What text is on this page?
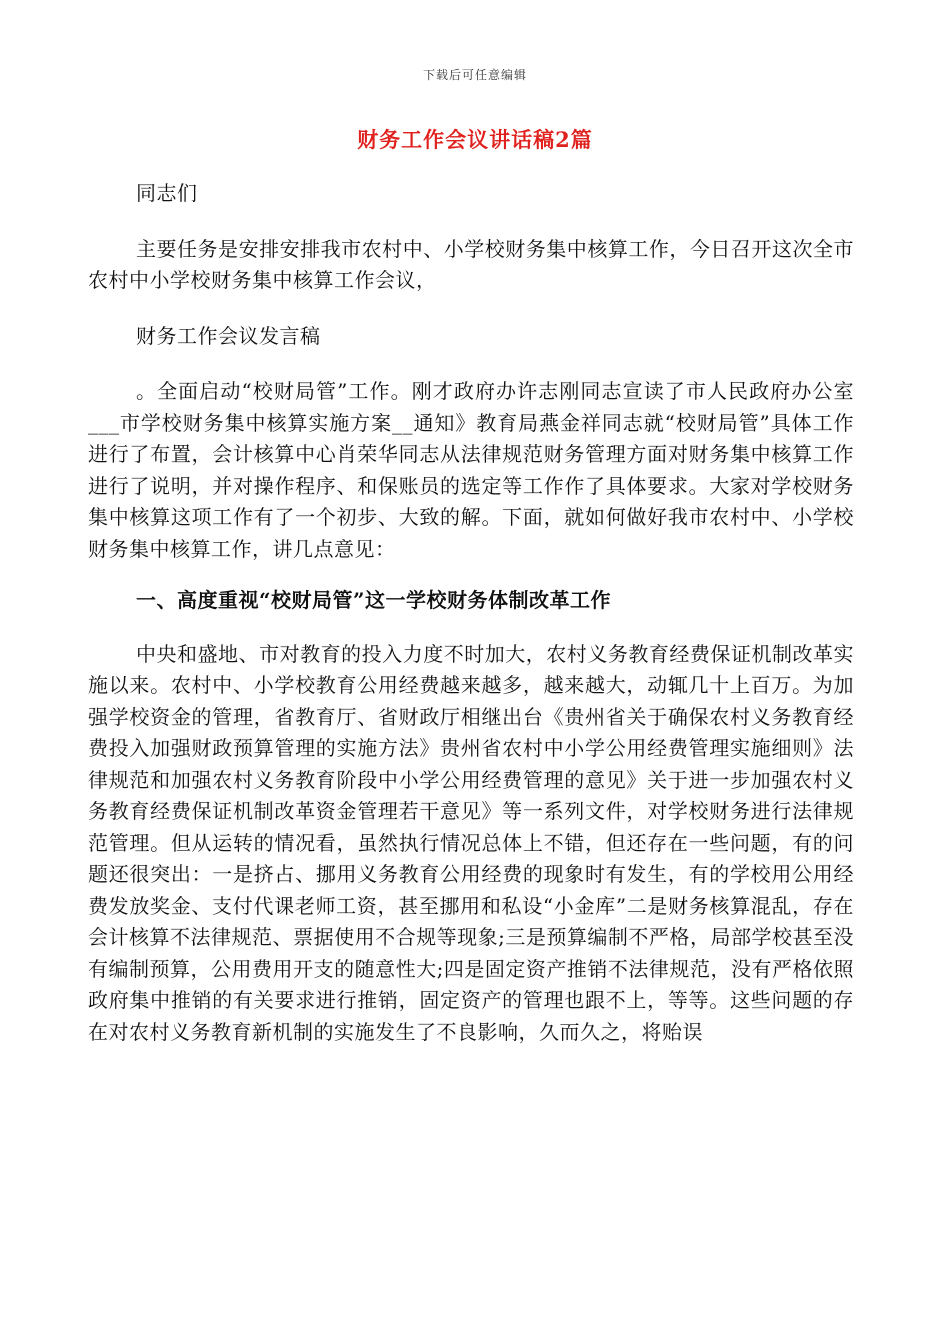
下载后可任意编辑
财务工作会议讲话稿2篇

同志们

主要任务是安排安排我市农村中、小学校财务集中核算工作，今日召开这次全市农村中小学校财务集中核算工作会议，

财务工作会议发言稿

。全面启动“校财局管”工作。刚才政府办许志刚同志宣读了市人民政府办公室___市学校财务集中核算实施方案__通知》教育局燕金祥同志就“校财局管”具体工作进行了布置，会计核算中心肖荣华同志从法律规范财务管理方面对财务集中核算工作进行了说明，并对操作程序、和保账员的选定等工作作了具体要求。大家对学校财务集中核算这项工作有了一个初步、大致的解。下面，就如何做好我市农村中、小学校财务集中核算工作，讲几点意见：

一、高度重视“校财局管”这一学校财务体制改革工作

中央和盛地、市对教育的投入力度不时加大，农村义务教育经费保证机制改革实施以来。农村中、小学校教育公用经费越来越多，越来越大，动辄几十上百万。为加强学校资金的管理，省教育厅、省财政厅相继出台《贵州省关于确保农村义务教育经费投入加强财政预算管理的实施方法》贵州省农村中小学公用经费管理实施细则》法律规范和加强农村义务教育阶段中小学公用经费管理的意见》关于进一步加强农村义务教育经费保证机制改革资金管理若干意见》等一系列文件，对学校财务进行法律规范管理。但从运转的情况看，虽然执行情况总体上不错，但还存在一些问题，有的问题还很突出：一是挤占、挪用义务教育公用经费的现象时有发生，有的学校用公用经费发放奖金、支付代课老师工资，甚至挪用和私设“小金库”二是财务核算混乱，存在会计核算不法律规范、票据使用不合规等现象;三是预算编制不严格，局部学校甚至没有编制预算，公用费用开支的随意性大;四是固定资产推销不法律规范，没有严格依照政府集中推销的有关要求进行推销，固定资产的管理也跟不上，等等。这些问题的存在对农村义务教育新机制的实施发生了不良影响，久而久之，将贻误
